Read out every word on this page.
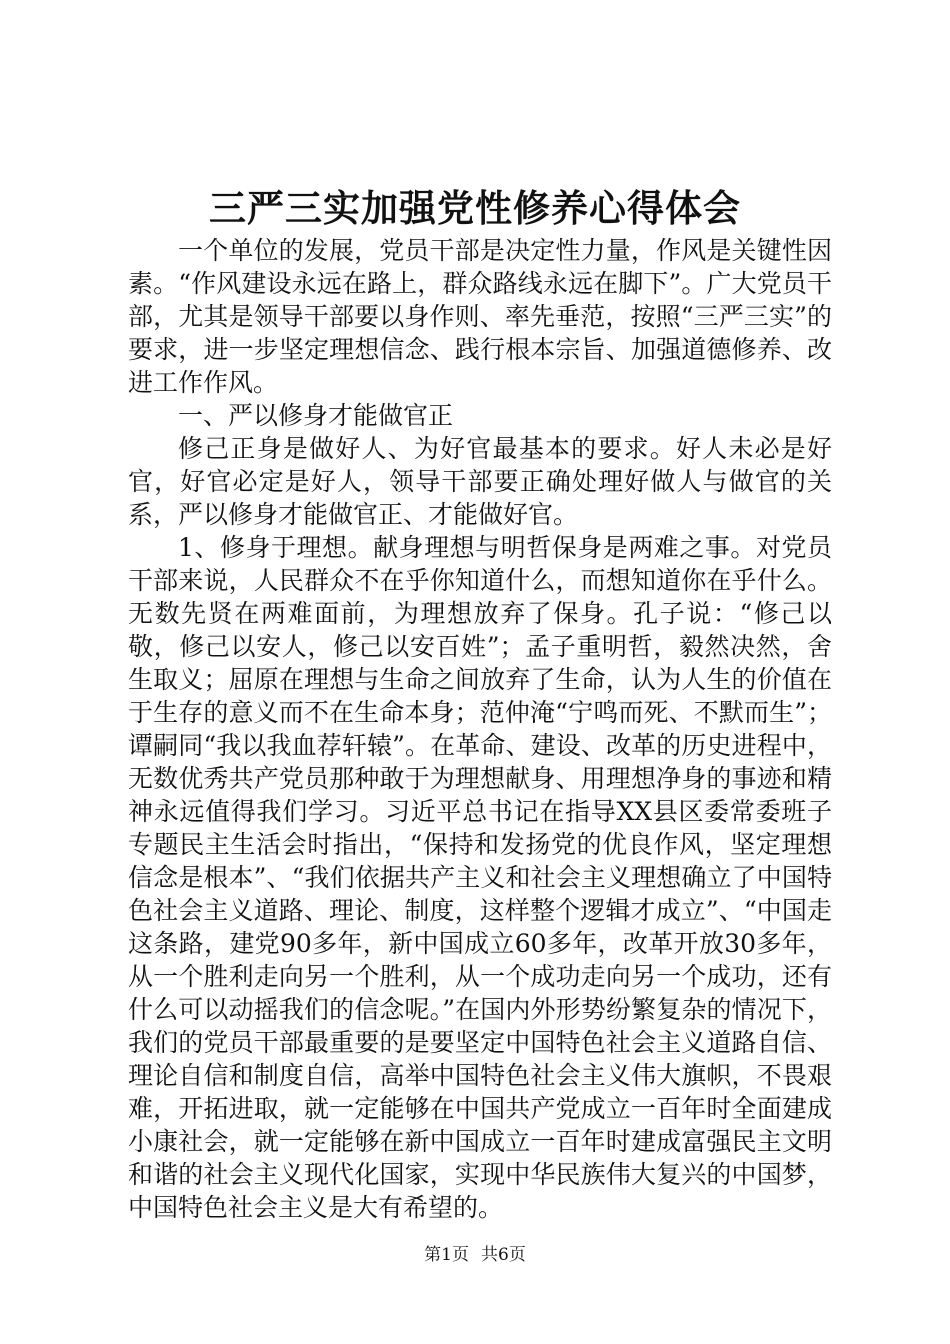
三严三实加强党性修养心得体会

一个单位的发展，党员干部是决定性力量，作风是关键性因素。“作风建设永远在路上，群众路线永远在脚下”。广大党员干部，尤其是领导干部要以身作则、率先垂范，按照“三严三实”的要求，进一步坚定理想信念、践行根本宗旨、加强道德修养、改进工作作风。

一、严以修身才能做官正

修己正身是做好人、为好官最基本的要求。好人未必是好官，好官必定是好人，领导干部要正确处理好做人与做官的关系，严以修身才能做官正、才能做好官。

1、修身于理想。献身理想与明哲保身是两难之事。对党员干部来说，人民群众不在乎你知道什么，而想知道你在乎什么。无数先贤在两难面前，为理想放弃了保身。孔子说：“修己以敬，修己以安人，修己以安百姓”；孟子重明哲，毅然决然，舍生取义；屈原在理想与生命之间放弃了生命，认为人生的价值在于生存的意义而不在生命本身；范仲淹“宁鸣而死、不默而生”；谭嗣同“我以我血荐轩辕”。在革命、建设、改革的历史进程中，无数优秀共产党员那种敢于为理想献身、用理想净身的事迹和精神永远值得我们学习。习近平总书记在指导XX县区委常委班子专题民主生活会时指出，“保持和发扬党的优良作风，坚定理想信念是根本”、“我们依据共产主义和社会主义理想确立了中国特色社会主义道路、理论、制度，这样整个逻辑才成立”、“中国走这条路，建党90多年，新中国成立60多年，改革开放30多年，从一个胜利走向另一个胜利，从一个成功走向另一个成功，还有什么可以动摇我们的信念呢。”在国内外形势纷繁复杂的情况下，我们的党员干部最重要的是要坚定中国特色社会主义道路自信、理论自信和制度自信，高举中国特色社会主义伟大旗帜，不畏艰难，开拓进取，就一定能够在中国共产党成立一百年时全面建成小康社会，就一定能够在新中国成立一百年时建成富强民主文明和谐的社会主义现代化国家，实现中华民族伟大复兴的中国梦，中国特色社会主义是大有希望的。

第1页 共6页
